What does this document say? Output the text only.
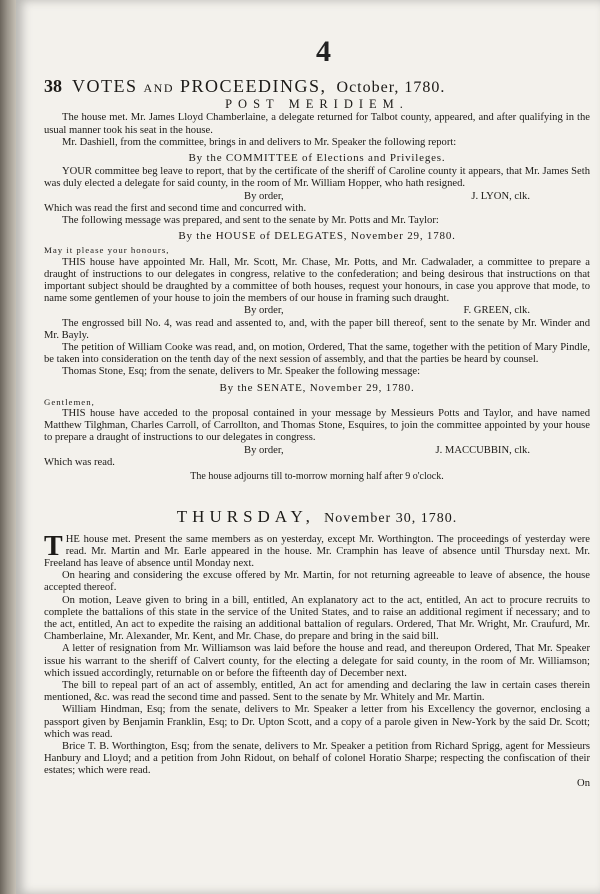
4
38 VOTES AND PROCEEDINGS, October, 1780.
POST MERIDIEM.

The house met. Mr. James Lloyd Chamberlaine, a delegate returned for Talbot county, appeared, and after qualifying in the usual manner took his seat in the house.

Mr. Dashiell, from the committee, brings in and delivers to Mr. Speaker the following report:

By the COMMITTEE of Elections and Privileges.

YOUR committee beg leave to report, that by the certificate of the sheriff of Caroline county it appears, that Mr. James Seth was duly elected a delegate for said county, in the room of Mr. William Hopper, who hath resigned.

By order,	J. LYON, clk.

Which was read the first and second time and concurred with.

The following message was prepared, and sent to the senate by Mr. Potts and Mr. Taylor:

By the HOUSE of DELEGATES, November 29, 1780.
May it please your honours,

THIS house have appointed Mr. Hall, Mr. Scott, Mr. Chase, Mr. Potts, and Mr. Cadwalader, a committee to prepare a draught of instructions to our delegates in congress, relative to the confederation; and being desirous that instructions on that important subject should be draughted by a committee of both houses, request your honours, in case you approve that mode, to name some gentlemen of your house to join the members of our house in framing such draught.

By order,	F. GREEN, clk.

The engrossed bill No. 4, was read and assented to, and, with the paper bill thereof, sent to the senate by Mr. Winder and Mr. Bayly.

The petition of William Cooke was read, and, on motion, Ordered, That the same, together with the petition of Mary Pindle, be taken into consideration on the tenth day of the next session of assembly, and that the parties be heard by counsel.

Thomas Stone, Esq; from the senate, delivers to Mr. Speaker the following message:

By the SENATE, November 29, 1780.
Gentlemen,

THIS house have acceded to the proposal contained in your message by Messieurs Potts and Taylor, and have named Matthew Tilghman, Charles Carroll, of Carrollton, and Thomas Stone, Esquires, to join the committee appointed by your house to prepare a draught of instructions to our delegates in congress.

By order,	J. MACCUBBIN, clk.

Which was read.

The house adjourns till to-morrow morning half after 9 o'clock.
THURSDAY, November 30, 1780.

THE house met. Present the same members as on yesterday, except Mr. Worthington. The proceedings of yesterday were read. Mr. Martin and Mr. Earle appeared in the house. Mr. Cramphin has leave of absence until Thursday next. Mr. Freeland has leave of absence until Monday next.

On hearing and considering the excuse offered by Mr. Martin, for not returning agreeable to leave of absence, the house accepted thereof.

On motion, Leave given to bring in a bill, entitled, An explanatory act to the act, entitled, An act to procure recruits to complete the battalions of this state in the service of the United States, and to raise an additional regiment if necessary; and to the act, entitled, An act to expedite the raising an additional battalion of regulars. Ordered, That Mr. Wright, Mr. Craufurd, Mr. Chamberlaine, Mr. Alexander, Mr. Kent, and Mr. Chase, do prepare and bring in the said bill.

A letter of resignation from Mr. Williamson was laid before the house and read, and thereupon Ordered, That Mr. Speaker issue his warrant to the sheriff of Calvert county, for the electing a delegate for said county, in the room of Mr. Williamson; which issued accordingly, returnable on or before the fifteenth day of December next.

The bill to repeal part of an act of assembly, entitled, An act for amending and declaring the law in certain cases therein mentioned, &c. was read the second time and passed. Sent to the senate by Mr. Whitely and Mr. Martin.

William Hindman, Esq; from the senate, delivers to Mr. Speaker a letter from his Excellency the governor, enclosing a passport given by Benjamin Franklin, Esq; to Dr. Upton Scott, and a copy of a parole given in New-York by the said Dr. Scott; which was read.

Brice T. B. Worthington, Esq; from the senate, delivers to Mr. Speaker a petition from Richard Sprigg, agent for Messieurs Hanbury and Lloyd; and a petition from John Ridout, on behalf of colonel Horatio Sharpe; respecting the confiscation of their estates; which were read.

On
